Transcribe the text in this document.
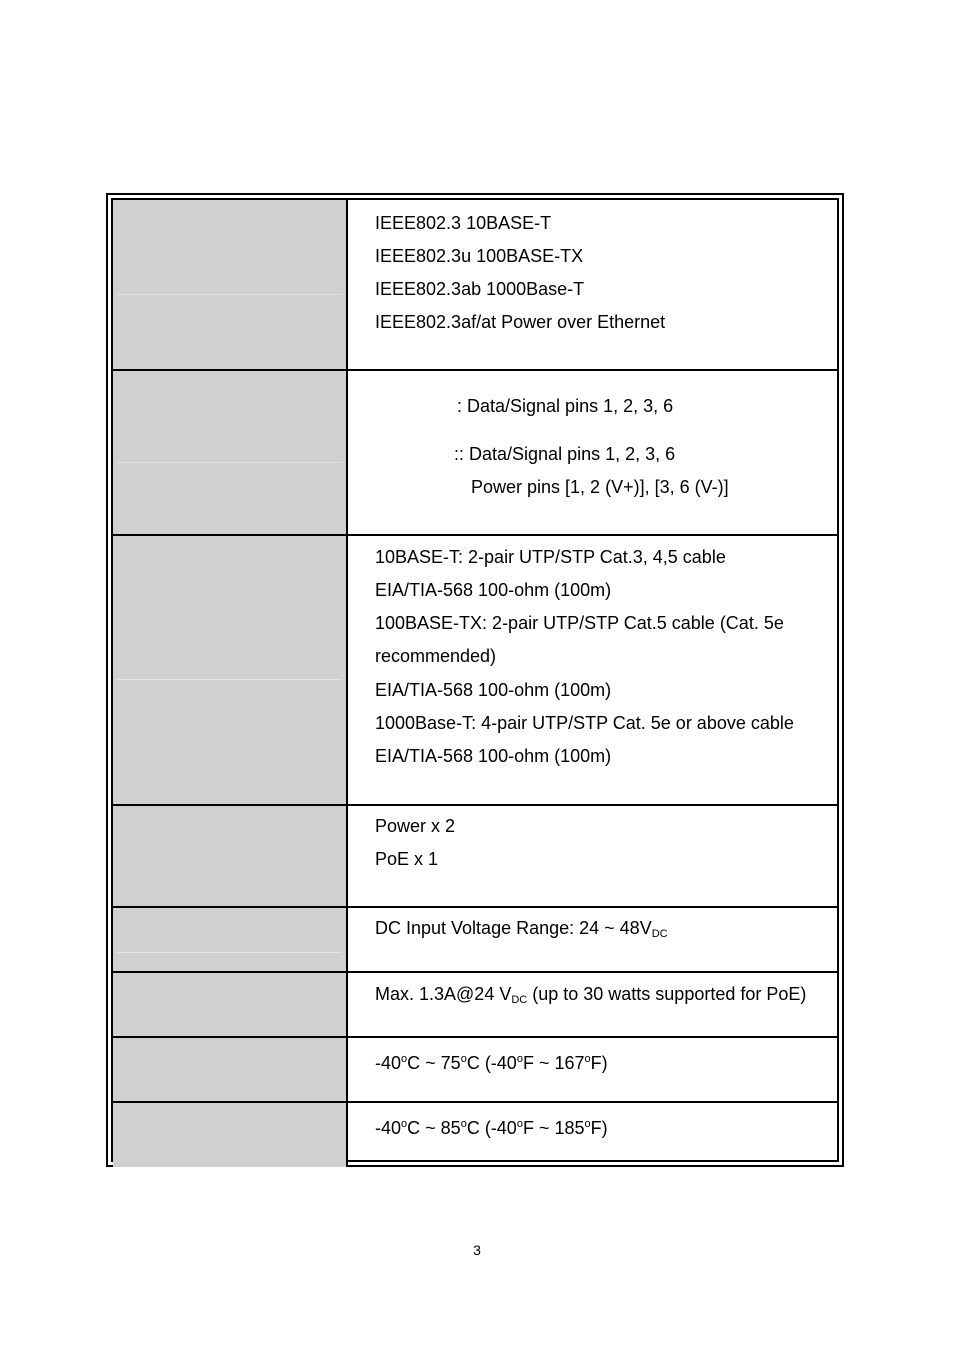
IEEE802.3 10BASE-T
IEEE802.3u 100BASE-TX
IEEE802.3ab 1000Base-T
IEEE802.3af/at Power over Ethernet
: Data/Signal pins 1, 2, 3, 6
:: Data/Signal pins 1, 2, 3, 6
Power pins [1, 2 (V+)], [3, 6 (V-)]
10BASE-T: 2-pair UTP/STP Cat.3, 4,5 cable
EIA/TIA-568 100-ohm (100m)
100BASE-TX: 2-pair UTP/STP Cat.5 cable (Cat. 5e
recommended)
EIA/TIA-568 100-ohm (100m)
1000Base-T: 4-pair UTP/STP Cat. 5e or above cable
EIA/TIA-568 100-ohm (100m)
Power x 2
PoE x 1
DC Input Voltage Range: 24 ~ $48V_{DC}$
Max. 1.3A@24 $V_{DC}$ (up to 30 watts supported for PoE)
-40$^o$C ~ 75$^o$C (-40$^o$F ~ 167$^o$F)
-40$^o$C ~ 85$^o$C (-40$^o$F ~ 185$^o$F)
3
